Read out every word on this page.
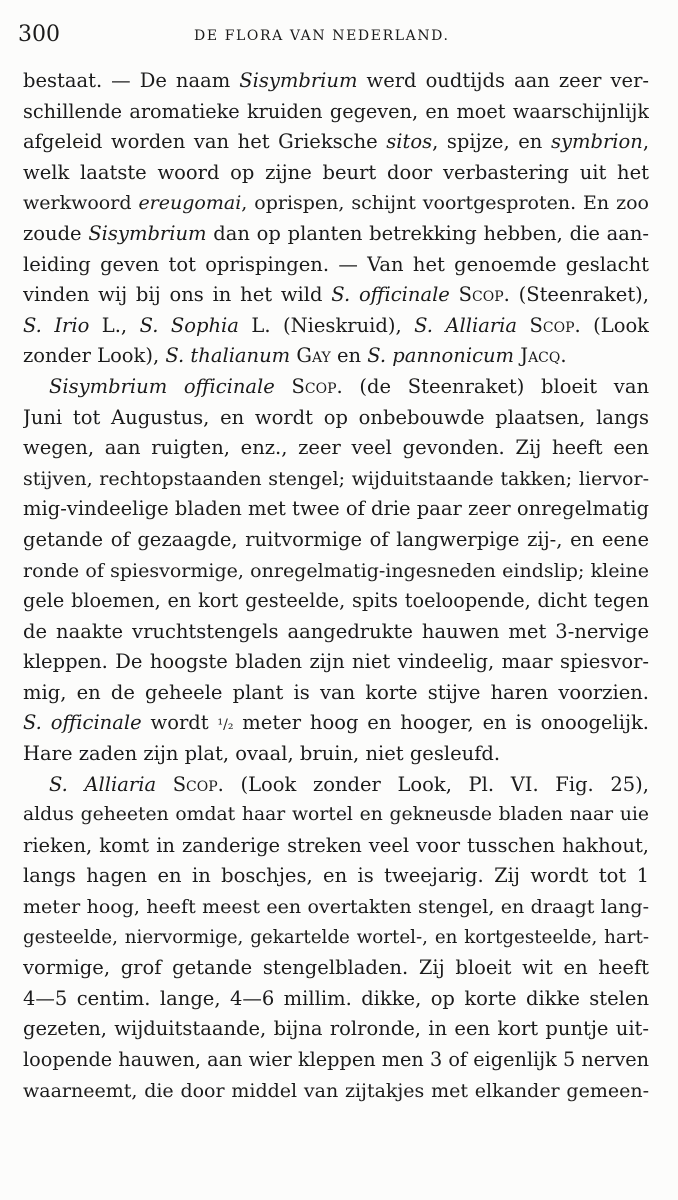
300	DE FLORA VAN NEDERLAND.
bestaat. — De naam Sisymbrium werd oudtijds aan zeer ver-
schillende aromatieke kruiden gegeven, en moet waarschijnlijk
afgeleid worden van het Grieksche sitos, spijze, en symbrion,
welk laatste woord op zijne beurt door verbastering uit het
werkwoord ereugomai, oprispen, schijnt voortgesproten. En zoo
zoude Sisymbrium dan op planten betrekking hebben, die aan-
leiding geven tot oprispingen. — Van het genoemde geslacht
vinden wij bij ons in het wild S. officinale Scop. (Steenraket),
S. Irio L., S. Sophia L. (Nieskruid), S. Alliaria Scop. (Look
zonder Look), S. thalianum Gay en S. pannonicum Jacq.
Sisymbrium officinale Scop. (de Steenraket) bloeit van
Juni tot Augustus, en wordt op onbebouwde plaatsen, langs
wegen, aan ruigten, enz., zeer veel gevonden. Zij heeft een
stijven, rechtopstaanden stengel; wijduitstaande takken; liervor-
mig-vindeelige bladen met twee of drie paar zeer onregelmatig
getande of gezaagde, ruitvormige of langwerpige zij-, en eene
ronde of spiesvormige, onregelmatig-ingesneden eindslip; kleine
gele bloemen, en kort gesteelde, spits toeloopende, dicht tegen
de naakte vruchtstengels aangedrukte hauwen met 3-nervige
kleppen. De hoogste bladen zijn niet vindeelig, maar spiesvor-
mig, en de geheele plant is van korte stijve haren voorzien.
S. officinale wordt ¹/₂ meter hoog en hooger, en is onoogelijk.
Hare zaden zijn plat, ovaal, bruin, niet gesleufd.
S. Alliaria Scop. (Look zonder Look, Pl. VI. Fig. 25),
aldus geheeten omdat haar wortel en gekneusde bladen naar uie
rieken, komt in zanderige streken veel voor tusschen hakhout,
langs hagen en in boschjes, en is tweejarig. Zij wordt tot 1
meter hoog, heeft meest een overtakten stengel, en draagt lang-
gesteelde, niervormige, gekartelde wortel-, en kortgesteelde, hart-
vormige, grof getande stengelbladen. Zij bloeit wit en heeft
4—5 centim. lange, 4—6 millim. dikke, op korte dikke stelen
gezeten, wijduitstaande, bijna rolronde, in een kort puntje uit-
loopende hauwen, aan wier kleppen men 3 of eigenlijk 5 nerven
waarneemt, die door middel van zijtakjes met elkander gemeen-
